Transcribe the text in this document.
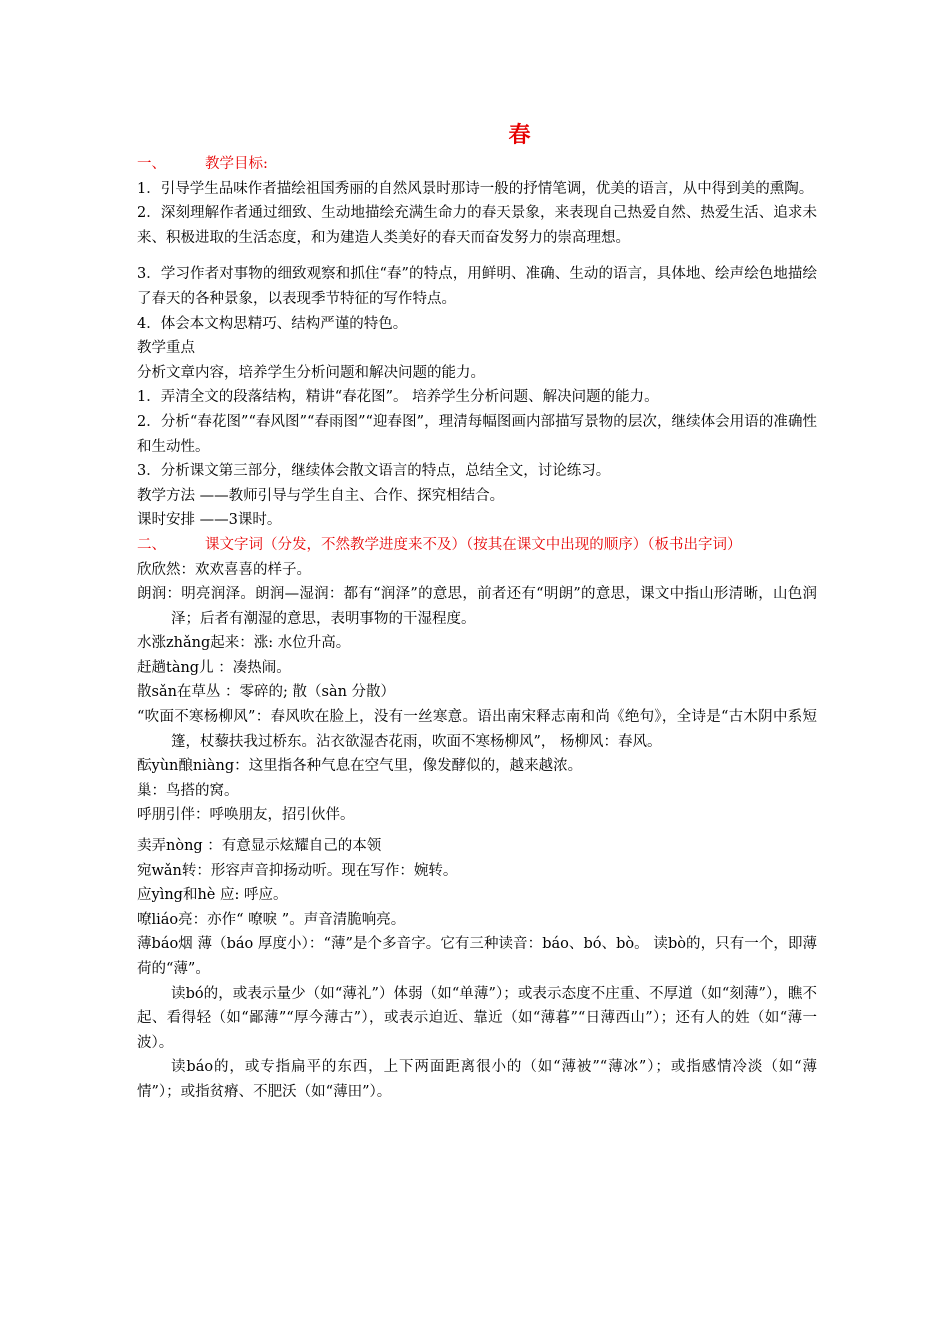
春
一、	教学目标:

1．引导学生品味作者描绘祖国秀丽的自然风景时那诗一般的抒情笔调，优美的语言，从中得到美的熏陶。

2．深刻理解作者通过细致、生动地描绘充满生命力的春天景象，来表现自己热爱自然、热爱生活、追求未来、积极进取的生活态度，和为建造人类美好的春天而奋发努力的崇高理想。

3．学习作者对事物的细致观察和抓住“春”的特点，用鲜明、准确、生动的语言，具体地、绘声绘色地描绘了春天的各种景象，以表现季节特征的写作特点。

4．体会本文构思精巧、结构严谨的特色。

教学重点

分析文章内容，培养学生分析问题和解决问题的能力。

1．弄清全文的段落结构，精讲“春花图”。 培养学生分析问题、解决问题的能力。

2．分析“春花图”“春风图”“春雨图”“迎春图”，理清每幅图画内部描写景物的层次，继续体会用语的准确性和生动性。

3．分析课文第三部分，继续体会散文语言的特点，总结全文，讨论练习。

教学方法 ——教师引导与学生自主、合作、探究相结合。

课时安排 ——3课时。

二、	课文字词（分发，不然教学进度来不及）（按其在课文中出现的顺序）（板书出字词）

欣欣然：欢欢喜喜的样子。

朗润：明亮润泽。朗润—湿润：都有“润泽”的意思，前者还有“明朗”的意思，课文中指山形清晰，山色润泽；后者有潮湿的意思，表明事物的干湿程度。

水涨zhǎng起来：涨: 水位升高。

赶趟tàng儿 ：凑热闹。

散sǎn在草丛 ：零碎的; 散（sàn 分散）

“吹面不寒杨柳风”：春风吹在脸上，没有一丝寒意。语出南宋释志南和尚《绝句》，全诗是“古木阴中系短篷，杖藜扶我过桥东。沾衣欲湿杏花雨，吹面不寒杨柳风”， 杨柳风：春风。

酝yùn酿niàng：这里指各种气息在空气里，像发酵似的，越来越浓。

巢：鸟搭的窝。

呼朋引伴：呼唤朋友，招引伙伴。

卖弄nòng ：有意显示炫耀自己的本领

宛wǎn转：形容声音抑扬动听。现在写作：婉转。

应yìng和hè 应: 呼应。

嘹liáo亮：亦作“ 嘹唳 ”。声音清脆响亮。

薄báo烟 薄（báo 厚度小）：“薄”是个多音字。它有三种读音：báo、bó、bò。 读bò的，只有一个，即薄荷的“薄”。

读bó的，或表示量少（如“薄礼”）体弱（如“单薄”）；或表示态度不庄重、不厚道（如“刻薄”），瞧不起、看得轻（如“鄙薄”“厚今薄古”），或表示迫近、靠近（如“薄暮”“日薄西山”）；还有人的姓（如“薄一波）。

读báo的，或专指扁平的东西，上下两面距离很小的（如“薄被”“薄冰”）；或指感情冷淡（如“薄情”）；或指贫瘠、不肥沃（如“薄田”）。
